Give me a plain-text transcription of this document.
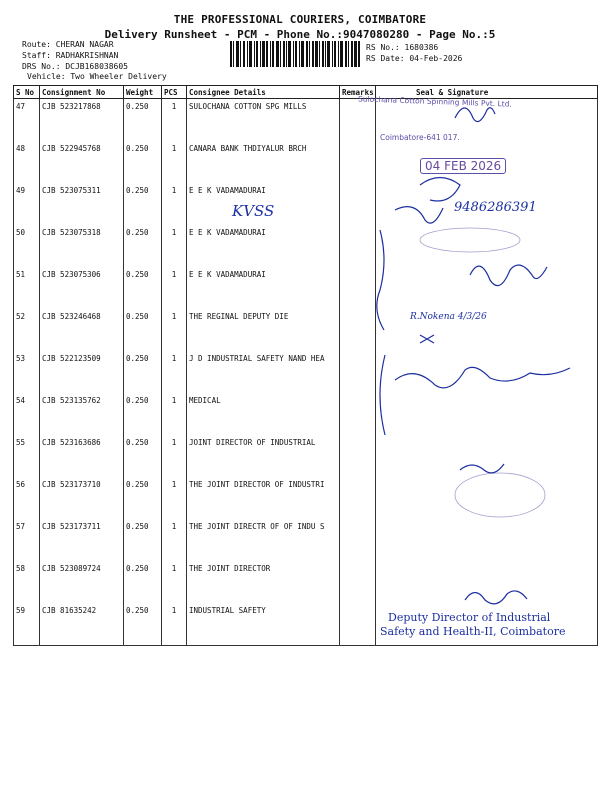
THE PROFESSIONAL COURIERS, COIMBATORE
Delivery Runsheet - PCM - Phone No.:9047080280 - Page No.:5
Route: CHERAN NAGAR
Staff: RADHAKRISHNAN
DRS No.: DCJB168038605
Vehicle: Two Wheeler Delivery
RS No.: 1680386
RS Date: 04-Feb-2026
S No	Consignment No	Weight	PCS	Consignee Details	Remarks	Seal & Signature
47	CJB 523217868	0.250	1	SULOCHANA COTTON SPG MILLS		
48	CJB 522945768	0.250	1	CANARA BANK THDIYALUR BRCH		
49	CJB 523075311	0.250	1	E E K VADAMADURAI		
50	CJB 523075318	0.250	1	E E K VADAMADURAI		
51	CJB 523075306	0.250	1	E E K VADAMADURAI		
52	CJB 523246468	0.250	1	THE REGINAL DEPUTY DIE		
53	CJB 522123509	0.250	1	J D INDUSTRIAL SAFETY NAND HEA		
54	CJB 523135762	0.250	1	MEDICAL		
55	CJB 523163686	0.250	1	JOINT DIRECTOR OF INDUSTRIAL		
56	CJB 523173710	0.250	1	THE JOINT DIRECTOR OF INDUSTRI		
57	CJB 523173711	0.250	1	THE JOINT DIRECTR OF OF INDU S		
58	CJB 523089724	0.250	1	THE JOINT DIRECTOR		
59	CJB 81635242	0.250	1	INDUSTRIAL SAFETY		
Sulochana Cotton Spinning Mills Pvt. Ltd.
Coimbatore-641 017.
04 FEB 2026
KVSS	9486286391
R.Nokena 4/3/26
Deputy Director of Industrial
Safety and Health-II, Coimbatore
